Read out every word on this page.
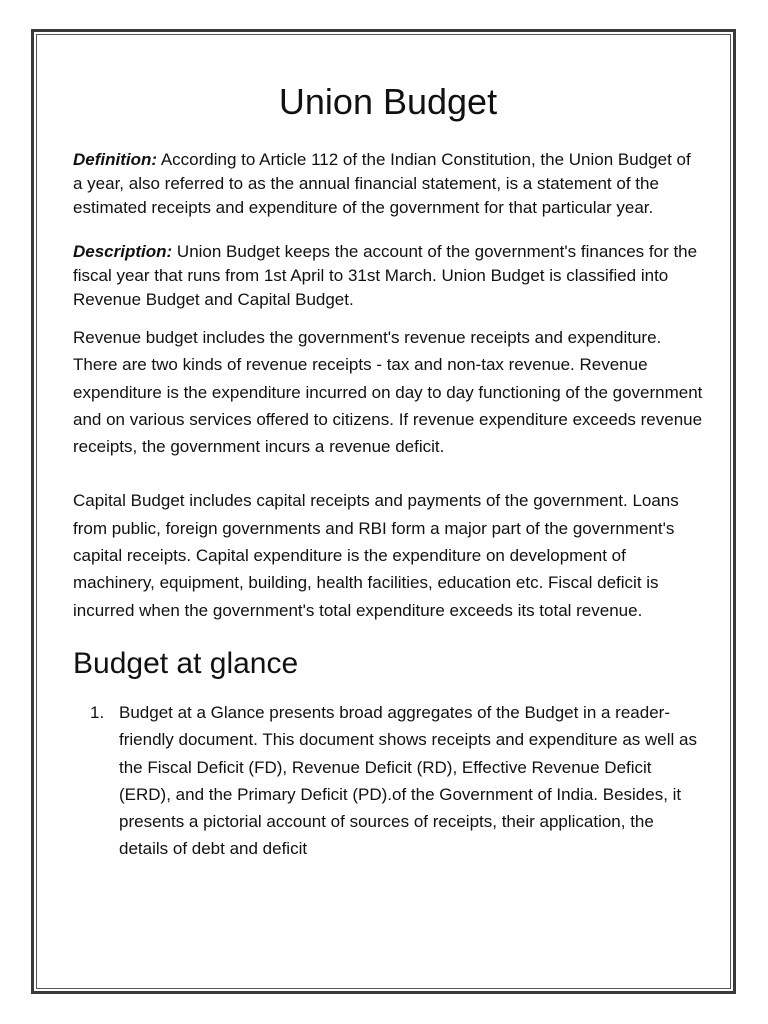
Union Budget

Definition: According to Article 112 of the Indian Constitution, the Union Budget of a year, also referred to as the annual financial statement, is a statement of the estimated receipts and expenditure of the government for that particular year.

Description: Union Budget keeps the account of the government's finances for the fiscal year that runs from 1st April to 31st March. Union Budget is classified into Revenue Budget and Capital Budget.

Revenue budget includes the government's revenue receipts and expenditure. There are two kinds of revenue receipts - tax and non-tax revenue. Revenue expenditure is the expenditure incurred on day to day functioning of the government and on various services offered to citizens. If revenue expenditure exceeds revenue receipts, the government incurs a revenue deficit.

Capital Budget includes capital receipts and payments of the government. Loans from public, foreign governments and RBI form a major part of the government's capital receipts. Capital expenditure is the expenditure on development of machinery, equipment, building, health facilities, education etc. Fiscal deficit is incurred when the government's total expenditure exceeds its total revenue.

Budget at glance
1. Budget at a Glance presents broad aggregates of the Budget in a reader-friendly document. This document shows receipts and expenditure as well as the Fiscal Deficit (FD), Revenue Deficit (RD), Effective Revenue Deficit (ERD), and the Primary Deficit (PD).of the Government of India. Besides, it presents a pictorial account of sources of receipts, their application, the details of debt and deficit
